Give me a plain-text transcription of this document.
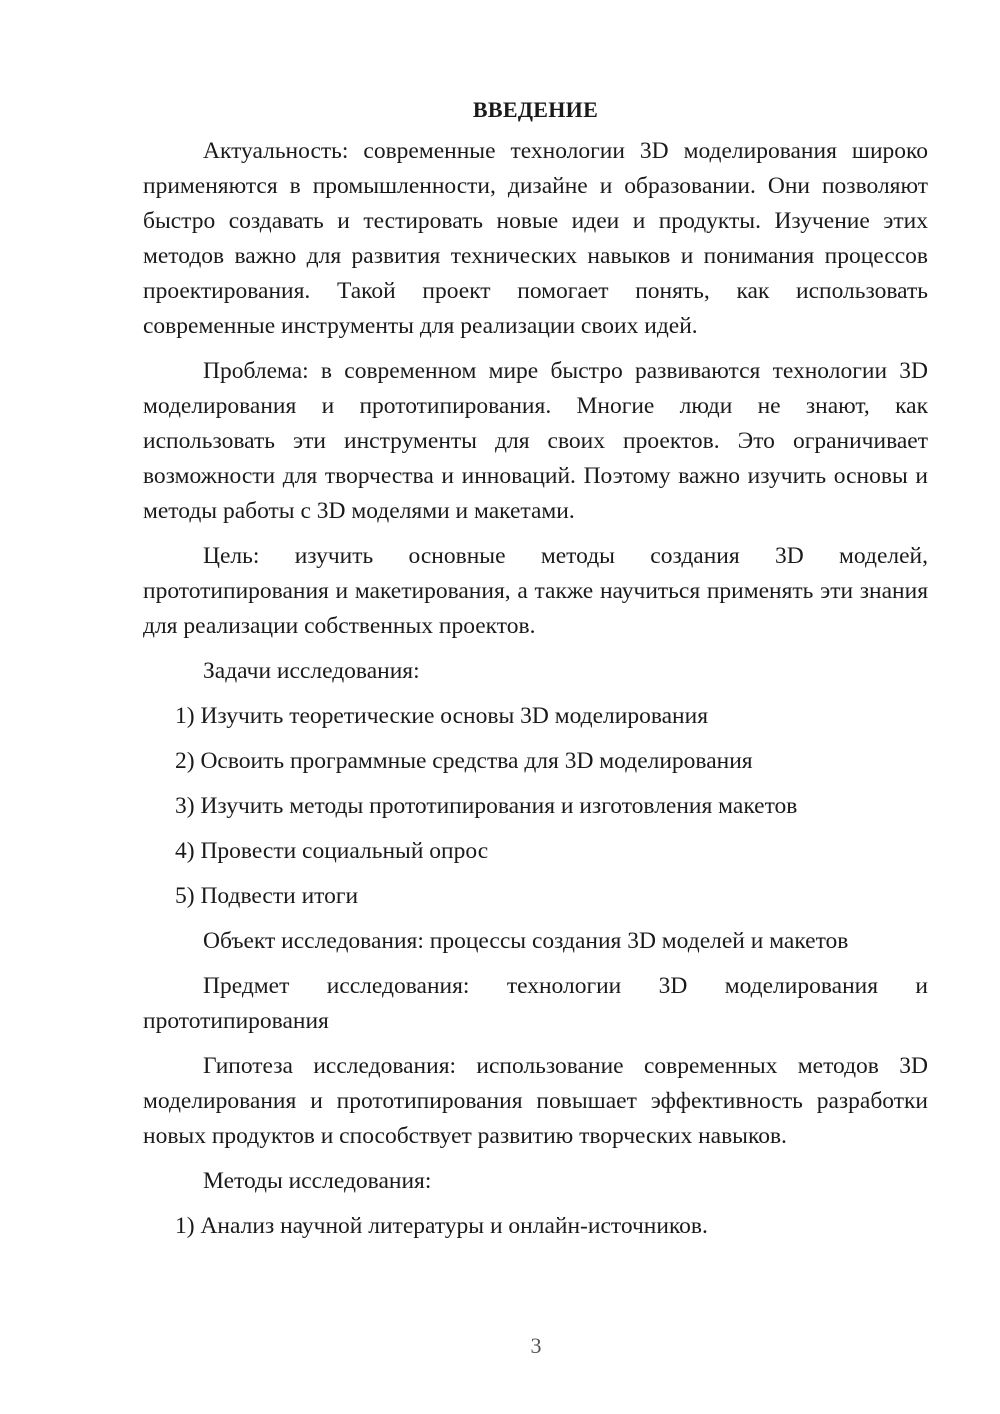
ВВЕДЕНИЕ

Актуальность: современные технологии 3D моделирования широко применяются в промышленности, дизайне и образовании. Они позволяют быстро создавать и тестировать новые идеи и продукты. Изучение этих методов важно для развития технических навыков и понимания процессов проектирования. Такой проект помогает понять, как использовать современные инструменты для реализации своих идей.

Проблема: в современном мире быстро развиваются технологии 3D моделирования и прототипирования. Многие люди не знают, как использовать эти инструменты для своих проектов. Это ограничивает возможности для творчества и инноваций. Поэтому важно изучить основы и методы работы с 3D моделями и макетами.

Цель: изучить основные методы создания 3D моделей, прототипирования и макетирования, а также научиться применять эти знания для реализации собственных проектов.

Задачи исследования:

1) Изучить теоретические основы 3D моделирования
2) Освоить программные средства для 3D моделирования
3) Изучить методы прототипирования и изготовления макетов
4) Провести социальный опрос
5) Подвести итоги

Объект исследования: процессы создания 3D моделей и макетов

Предмет исследования: технологии 3D моделирования и прототипирования

Гипотеза исследования: использование современных методов 3D моделирования и прототипирования повышает эффективность разработки новых продуктов и способствует развитию творческих навыков.

Методы исследования:

1) Анализ научной литературы и онлайн-источников.
3
